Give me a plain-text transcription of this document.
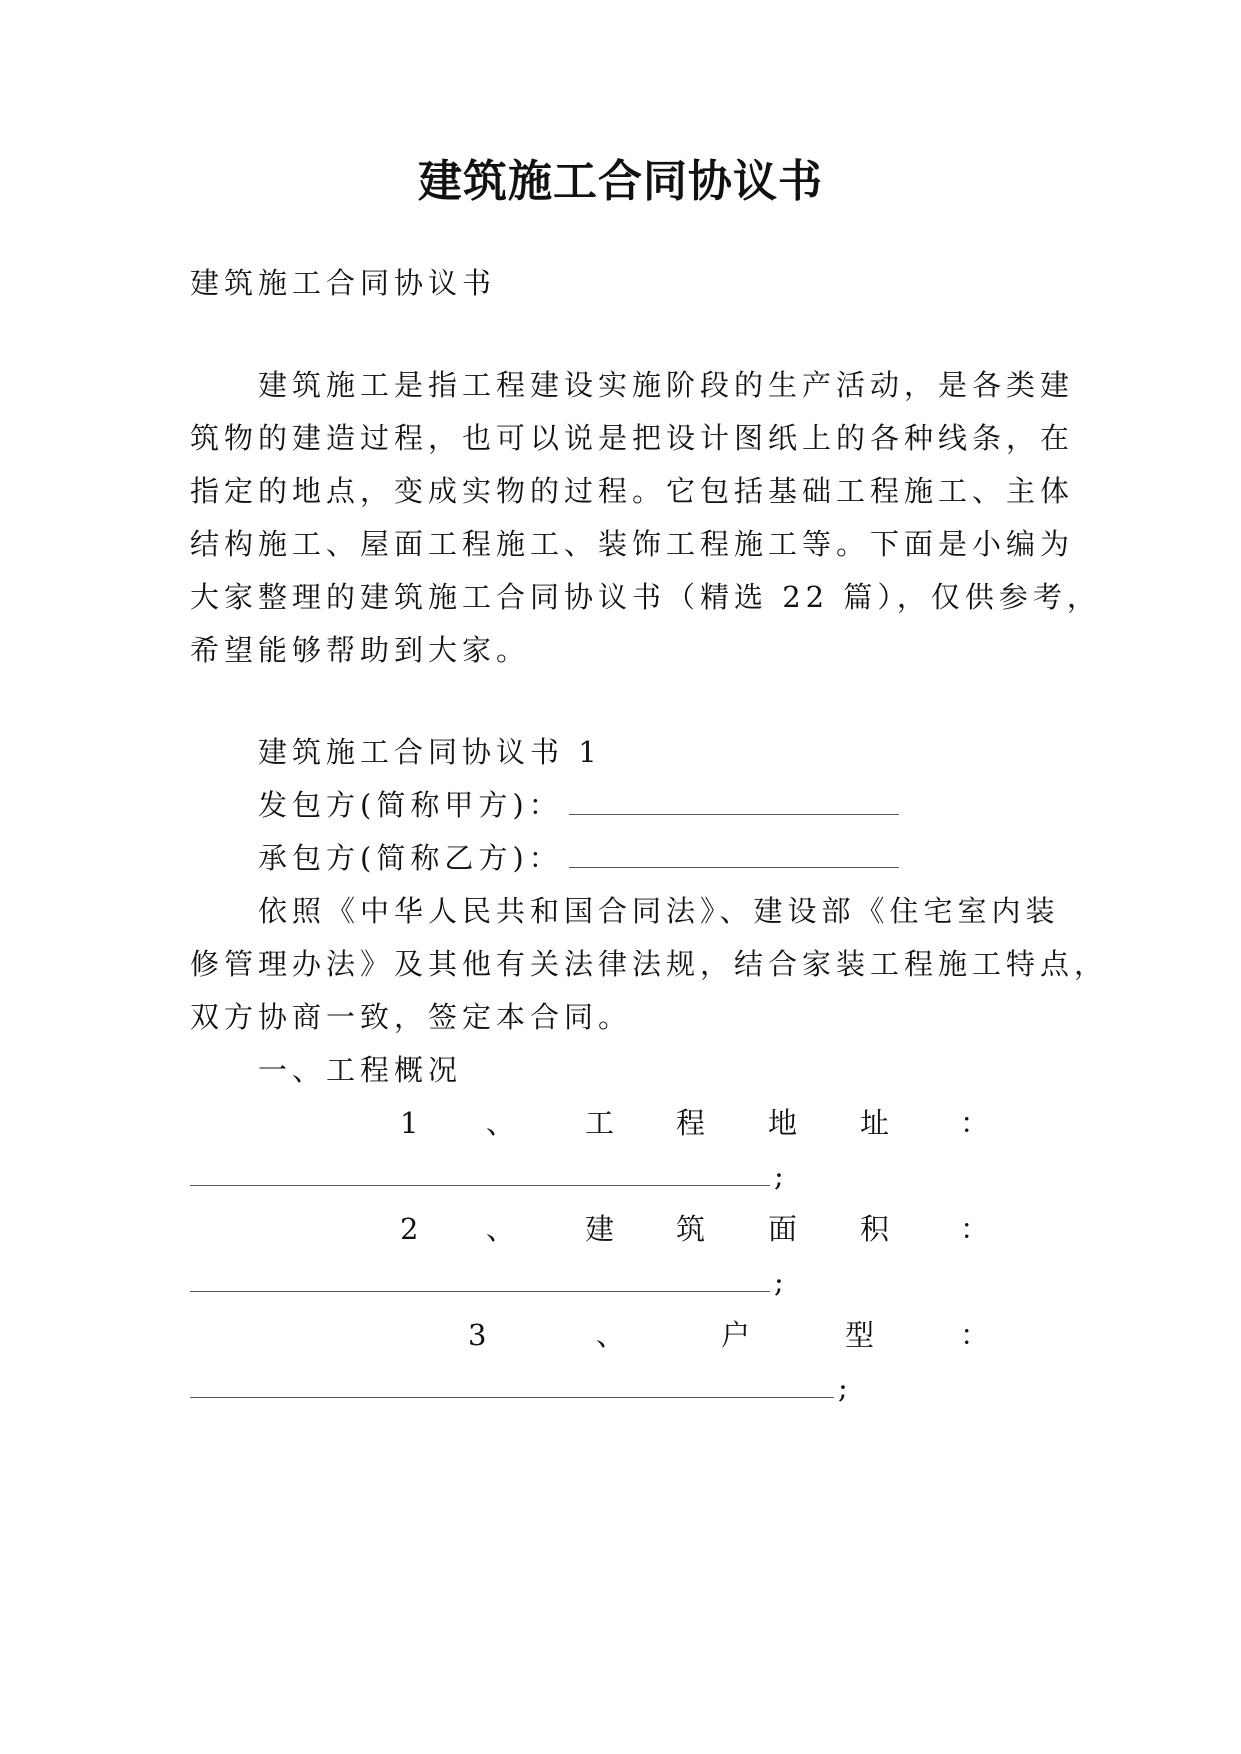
建筑施工合同协议书
建筑施工合同协议书
建筑施工是指工程建设实施阶段的生产活动，是各类建
筑物的建造过程，也可以说是把设计图纸上的各种线条，在
指定的地点，变成实物的过程。它包括基础工程施工、主体
结构施工、屋面工程施工、装饰工程施工等。下面是小编为
大家整理的建筑施工合同协议书（精选 22 篇），仅供参考，
希望能够帮助到大家。
建筑施工合同协议书 1
发包方(简称甲方)：
承包方(简称乙方)：
依照《中华人民共和国合同法》、建设部《住宅室内装
修管理办法》及其他有关法律法规，结合家装工程施工特点，
双方协商一致，签定本合同。
一、工程概况
1 、 工 程 地 址 ：
;
2 、 建 筑 面 积 ：
;
3	、	户	型	：
;
